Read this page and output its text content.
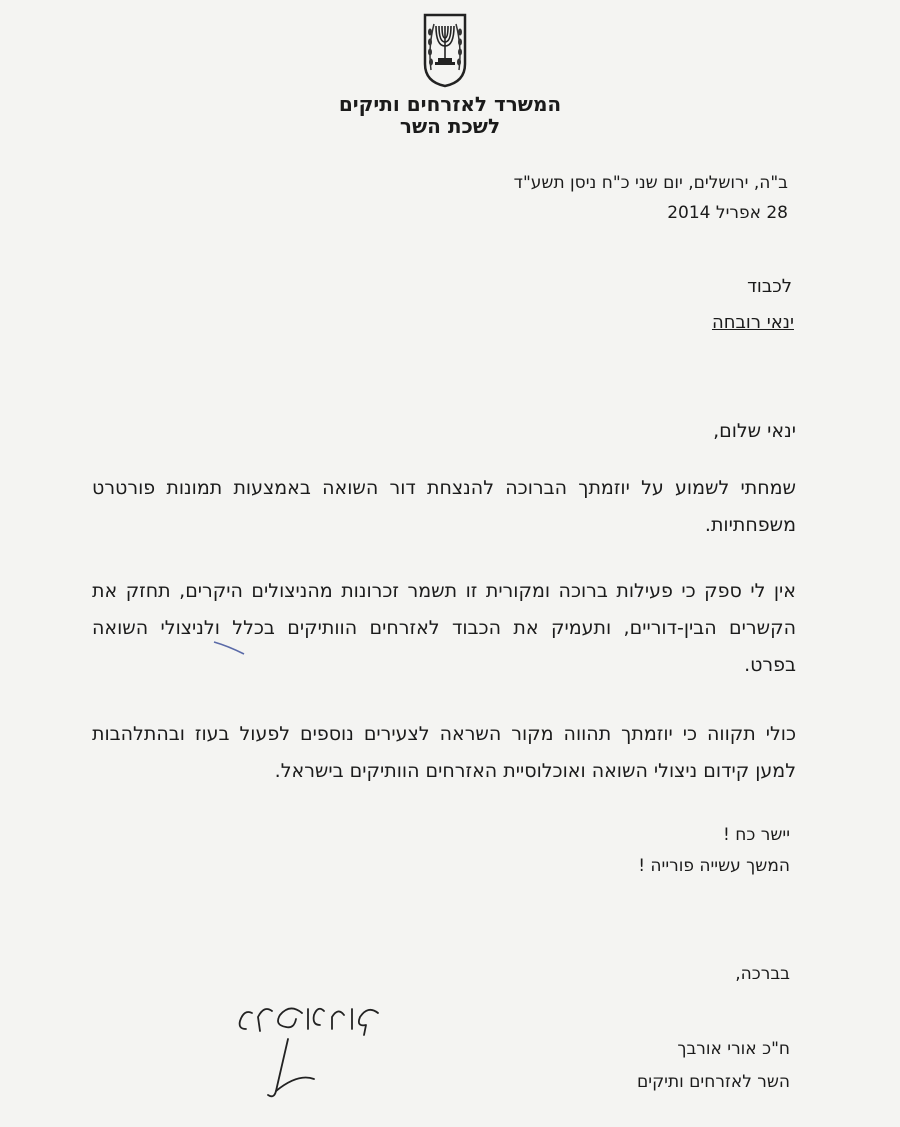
המשרד לאזרחים ותיקים
לשכת השר
ב"ה, ירושלים, יום שני כ"ח ניסן תשע"ד
28 אפריל 2014
לכבוד
ינאי רובחה
ינאי שלום,
שמחתי לשמוע על יוזמתך הברוכה להנצחת דור השואה באמצעות תמונות פורטרט משפחתיות.
אין לי ספק כי פעילות ברוכה ומקורית זו תשמר זכרונות מהניצולים היקרים, תחזק את הקשרים הבין-דוריים, ותעמיק את הכבוד לאזרחים הוותיקים בכלל ולניצולי השואה בפרט.
כולי תקווה כי יוזמתך תהווה מקור השראה לצעירים נוספים לפעול בעוז ובהתלהבות למען קידום ניצולי השואה ואוכלוסיית האזרחים הוותיקים בישראל.
יישר כח !
המשך עשייה פורייה !
בברכה,
ח"כ אורי אורבך
השר לאזרחים ותיקים
